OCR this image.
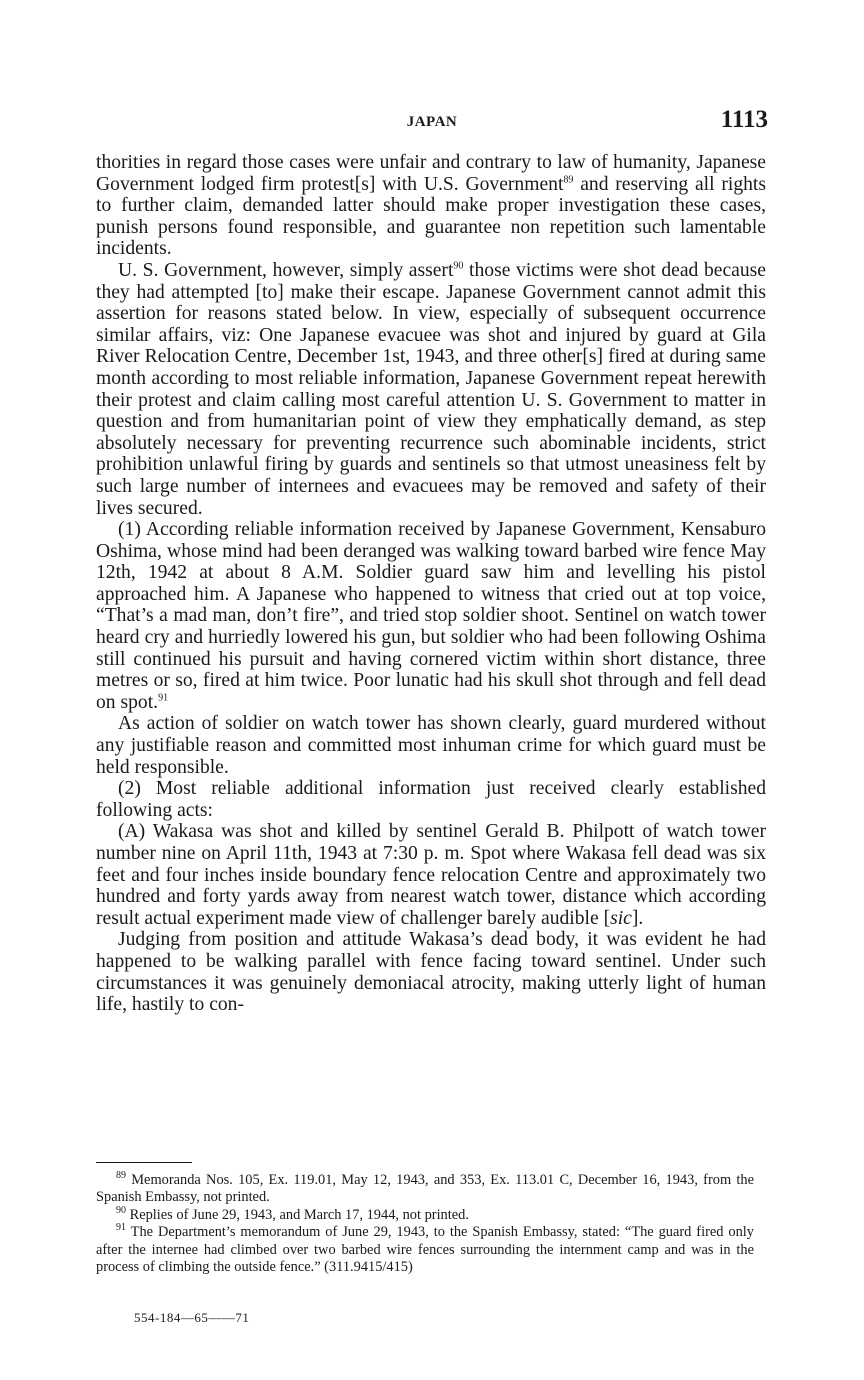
JAPAN	1113

thorities in regard those cases were unfair and contrary to law of humanity, Japanese Government lodged firm protest[s] with U.S. Government$^{89}$ and reserving all rights to further claim, demanded latter should make proper investigation these cases, punish persons found responsible, and guarantee non repetition such lamentable incidents.

U. S. Government, however, simply assert$^{90}$ those victims were shot dead because they had attempted [to] make their escape. Japanese Government cannot admit this assertion for reasons stated below. In view, especially of subsequent occurrence similar affairs, viz: One Japanese evacuee was shot and injured by guard at Gila River Relocation Centre, December 1st, 1943, and three other[s] fired at during same month according to most reliable information, Japanese Government repeat herewith their protest and claim calling most careful attention U. S. Government to matter in question and from humanitarian point of view they emphatically demand, as step absolutely necessary for preventing recurrence such abominable incidents, strict prohibition unlawful firing by guards and sentinels so that utmost uneasiness felt by such large number of internees and evacuees may be removed and safety of their lives secured.

(1) According reliable information received by Japanese Government, Kensaburo Oshima, whose mind had been deranged was walking toward barbed wire fence May 12th, 1942 at about 8 A.M. Soldier guard saw him and levelling his pistol approached him. A Japanese who happened to witness that cried out at top voice, “That’s a mad man, don’t fire”, and tried stop soldier shoot. Sentinel on watch tower heard cry and hurriedly lowered his gun, but soldier who had been following Oshima still continued his pursuit and having cornered victim within short distance, three metres or so, fired at him twice. Poor lunatic had his skull shot through and fell dead on spot.$^{91}$

As action of soldier on watch tower has shown clearly, guard murdered without any justifiable reason and committed most inhuman crime for which guard must be held responsible.

(2) Most reliable additional information just received clearly established following acts:

(A) Wakasa was shot and killed by sentinel Gerald B. Philpott of watch tower number nine on April 11th, 1943 at 7:30 p. m. Spot where Wakasa fell dead was six feet and four inches inside boundary fence relocation Centre and approximately two hundred and forty yards away from nearest watch tower, distance which according result actual experiment made view of challenger barely audible [sic].

Judging from position and attitude Wakasa’s dead body, it was evident he had happened to be walking parallel with fence facing toward sentinel. Under such circumstances it was genuinely demoniacal atrocity, making utterly light of human life, hastily to con-

$^{89}$ Memoranda Nos. 105, Ex. 119.01, May 12, 1943, and 353, Ex. 113.01 C, December 16, 1943, from the Spanish Embassy, not printed.

$^{90}$ Replies of June 29, 1943, and March 17, 1944, not printed.

$^{91}$ The Department’s memorandum of June 29, 1943, to the Spanish Embassy, stated: “The guard fired only after the internee had climbed over two barbed wire fences surrounding the internment camp and was in the process of climbing the outside fence.” (311.9415/415)

554-184—65——71
